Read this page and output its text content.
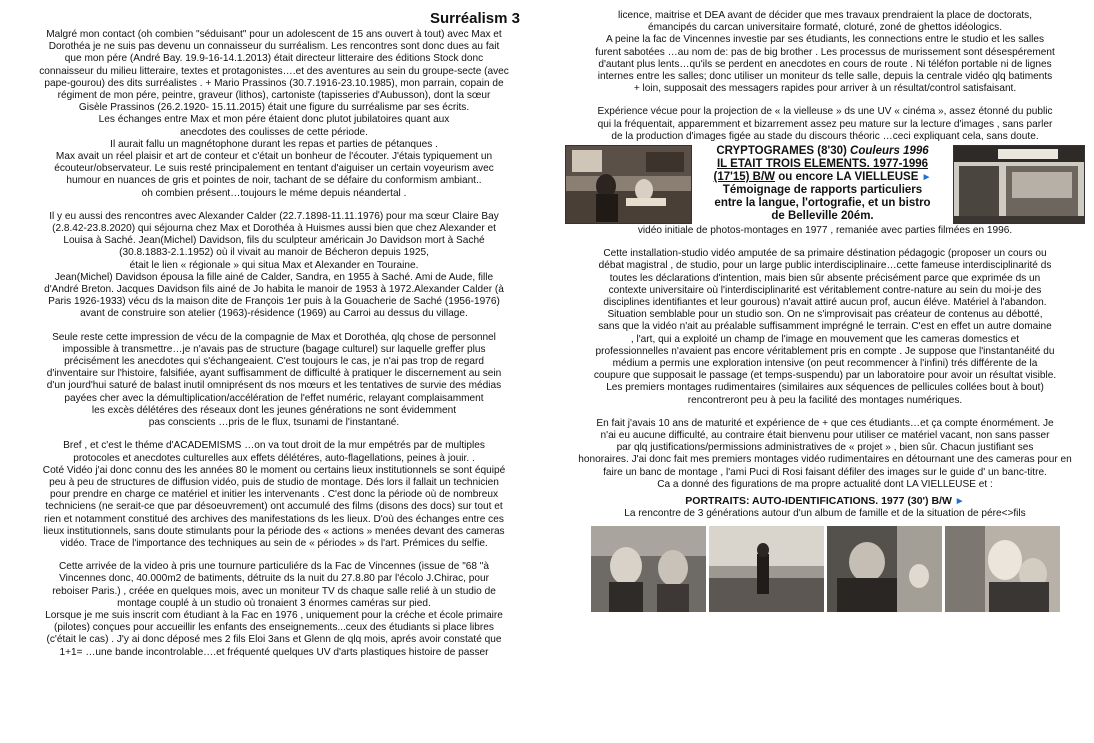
Surréalism 3
Malgré mon contact (oh combien "séduisant" pour un adolescent de 15 ans ouvert à tout) avec Max et
Dorothéa je ne suis pas devenu un connaisseur du surréalism. Les rencontres sont donc dues au fait
que mon pére (André Bay. 19.9-16-14.1.2013) était directeur litteraire des éditions Stock donc
connaisseur du milieu litteraire, textes et protagonistes….et des aventures au sein du groupe-secte (avec
pape-gourou) des dits surréalistes . + Mario Prassinos (30.7.1916-23.10.1985), mon parrain, copain de
régiment de mon pére, peintre, graveur (lithos), cartoniste (tapisseries d'Aubusson), dont la sœur
Gisèle Prassinos (26.2.1920- 15.11.2015) était une figure du surréalisme par ses écrits.
Les échanges entre Max et mon pére étaient donc plutot jubilatoires quant aux
anecdotes des coulisses de cette période.
Il aurait fallu un magnétophone durant les repas et parties de pétanques .
Max avait un réel plaisir et art de conteur et c'était un bonheur de l'écouter. J'étais typiquement un
écouteur/observateur. Le suis resté principalement en tentant d'aiguiser un certain voyeurism avec
humour en nuances de gris et pointes de noir, tachant de se défaire du conformism ambiant..
oh combien présent…toujours le méme depuis néandertal .
Il y eu aussi des rencontres avec Alexander Calder (22.7.1898-11.11.1976) pour ma sœur Claire Bay
(2.8.42-23.8.2020) qui séjourna chez Max et Dorothéa à Huismes aussi bien que chez Alexander et
Louisa à Saché. Jean(Michel) Davidson, fils du sculpteur américain Jo Davidson mort à Saché
(30.8.1883-2.1.1952) où il vivait au manoir de Bécheron depuis 1925,
était le lien « régionale » qui situa Max et Alexander en Touraine.
Jean(Michel) Davidson épousa la fille ainé de Calder, Sandra, en 1955 à Saché. Ami de Aude, fille
d'André Breton. Jacques Davidson fils ainé de Jo habita le manoir de 1953 à 1972.Alexander Calder (à
Paris 1926-1933) vécu ds la maison dite de François 1er puis à la Gouacherie de Saché (1956-1976)
avant de construire son atelier (1963)-résidence (1969) au Carroi au dessus du village.
Seule reste cette impression de vécu de la compagnie de Max et Dorothéa, qlq chose de personnel
impossible à transmettre…je n'avais pas de structure (bagage culturel) sur laquelle greffer plus
précisément les anecdotes qui s'échangeaient. C'est toujours le cas, je n'ai pas trop de regard
d'inventaire sur l'histoire, falsifiée, ayant suffisamment de difficulté à pratiquer le discernement au sein
d'un jourd'hui saturé de balast inutil omniprésent ds nos mœurs et les tentatives de survie des médias
payées cher avec la démultiplication/accélération de l'effet numéric, relayant complaisamment
les excès délétéres des réseaux dont les jeunes générations ne sont évidemment
pas conscients …pris de le flux, tsunami de l'instantané.
Bref , et c'est le théme d'ACADEMISMS …on va tout droit de la mur empétrés par de multiples
protocoles et anecdotes culturelles aux effets délétéres, auto-flagellations, peines à jouir. .
Coté Vidéo j'ai donc connu des les années 80 le moment ou certains lieux institutionnels se sont équipé
peu à peu de structures de diffusion vidéo, puis de studio de montage. Dés lors il fallait un technicien
pour prendre en charge ce matériel et initier les intervenants . C'est donc la période où de nombreux
techniciens (ne serait-ce que par désoeuvrement) ont accumulé des films (disons des docs) sur tout et
rien et notamment constitué des archives des manifestations ds les lieux. D'où des échanges entre ces
lieux institutionnels, sans doute stimulants pour la période des « actions » menées devant des cameras
vidéo. Trace de l'importance des techniques au sein de « périodes » ds l'art. Prémices du selfie.
Cette arrivée de la video à pris une tournure particuliére ds la Fac de Vincennes (issue de "68 "à
Vincennes donc, 40.000m2 de batiments, détruite ds la nuit du 27.8.80 par l'écolo J.Chirac, pour
reboiser Paris.) , créée en quelques mois, avec un moniteur TV ds chaque salle relié à un studio de
montage couplé à un studio où tronaient 3 énormes caméras sur pied.
Lorsque je me suis inscrit com étudiant à la Fac en 1976 , uniquement pour la créche et école primaire
(pilotes) conçues pour accueillir les enfants des enseignements...ceux des étudiants si place libres
(c'était le cas) . J'y ai donc déposé mes 2 fils Eloi 3ans et Glenn de qlq mois, aprés avoir constaté que
1+1= …une bande incontrolable….et fréquenté quelques UV d'arts plastiques histoire de passer
licence, maitrise et DEA avant de décider que mes travaux prendraient la place de doctorats,
émancipés du carcan universitaire formaté, cloturé, zoné de ghettos idéologics.
A peine la fac de Vincennes investie par ses étudiants, les connections entre le studio et les salles
furent sabotées …au nom de: pas de big brother . Les processus de murissement sont désespérement
d'autant plus lents…qu'ils se perdent en anecdotes en cours de route . Ni téléfon portable ni de lignes
internes entre les salles; donc utiliser un moniteur ds telle salle, depuis la centrale vidéo qlq batiments
+ loin, supposait des messagers rapides pour arriver à un résultat/control satisfaisant.
Expérience vécue pour la projection de « la vielleuse » ds une UV « cinéma », assez étonné du public
qui la fréquentait, apparemment et bizarrement assez peu mature sur la lecture d'images , sans parler
de la production d'images figée au stade du discours théoric …ceci expliquant cela, sans doute.
CRYPTOGRAMES (8'30) Couleurs 1996
IL ETAIT TROIS ELEMENTS. 1977-1996
(17'15) B/W ou encore LA VIELLEUSE ►
Témoignage de rapports particuliers
entre la langue, l'ortografie, et un bistro
de Belleville 20ém.
vidéo initiale de photos-montages en 1977 , remaniée avec parties filmées en 1996.
Cette installation-studio vidéo amputée de sa primaire déstination pédagogic (proposer un cours ou
débat magistral , de studio, pour un large public interdisciplinaire…cette fameuse interdisciplinarité ds
toutes les déclarations d'intention, mais bien sûr absente précisément parce que exprimée ds un
contexte universitaire où l'interdisciplinarité est véritablement contre-nature au sein du moi-je des
disciplines identifiantes et leur gourous) n'avait attiré aucun prof, aucun éléve. Matériel à l'abandon.
Situation semblable pour un studio son. On ne s'improvisait pas créateur de contenus au débotté,
sans que la vidéo n'ait au préalable suffisamment imprégné le terrain. C'est en effet un autre domaine
, l'art, qui a exploité un champ de l'image en mouvement que les cameras domestics et
professionnelles n'avaient pas encore véritablement pris en compte . Je suppose que l'instantanéité du
médium a permis une exploration intensive (on peut recommencer à l'infini) trés différente de la
coupure que supposait le passage (et temps-suspendu) par un laboratoire pour avoir un résultat visible.
Les premiers montages rudimentaires (similaires aux séquences de pellicules collées bout à bout)
rencontreront peu à peu la facilité des montages numériques.
En fait j'avais 10 ans de maturité et expérience de + que ces étudiants…et ça compte énormément. Je
n'ai eu aucune difficulté, au contraire était bienvenu pour utiliser ce matériel vacant, non sans passer
par qlq justifications/permissions administratives de « projet » , bien sûr. Chacun justifiant ses
honoraires. J'ai donc fait mes premiers montages vidéo rudimentaires en détournant une des cameras pour en
faire un banc de montage , l'ami Puci di Rosi faisant défiler des images sur le guide d' un banc-titre.
Ca a donné des figurations de ma propre actualité dont LA VIELLEUSE et :
PORTRAITS: AUTO-IDENTIFICATIONS. 1977 (30') B/W ►
La rencontre de 3 générations autour d'un album de famille et de la situation de pére<>fils
